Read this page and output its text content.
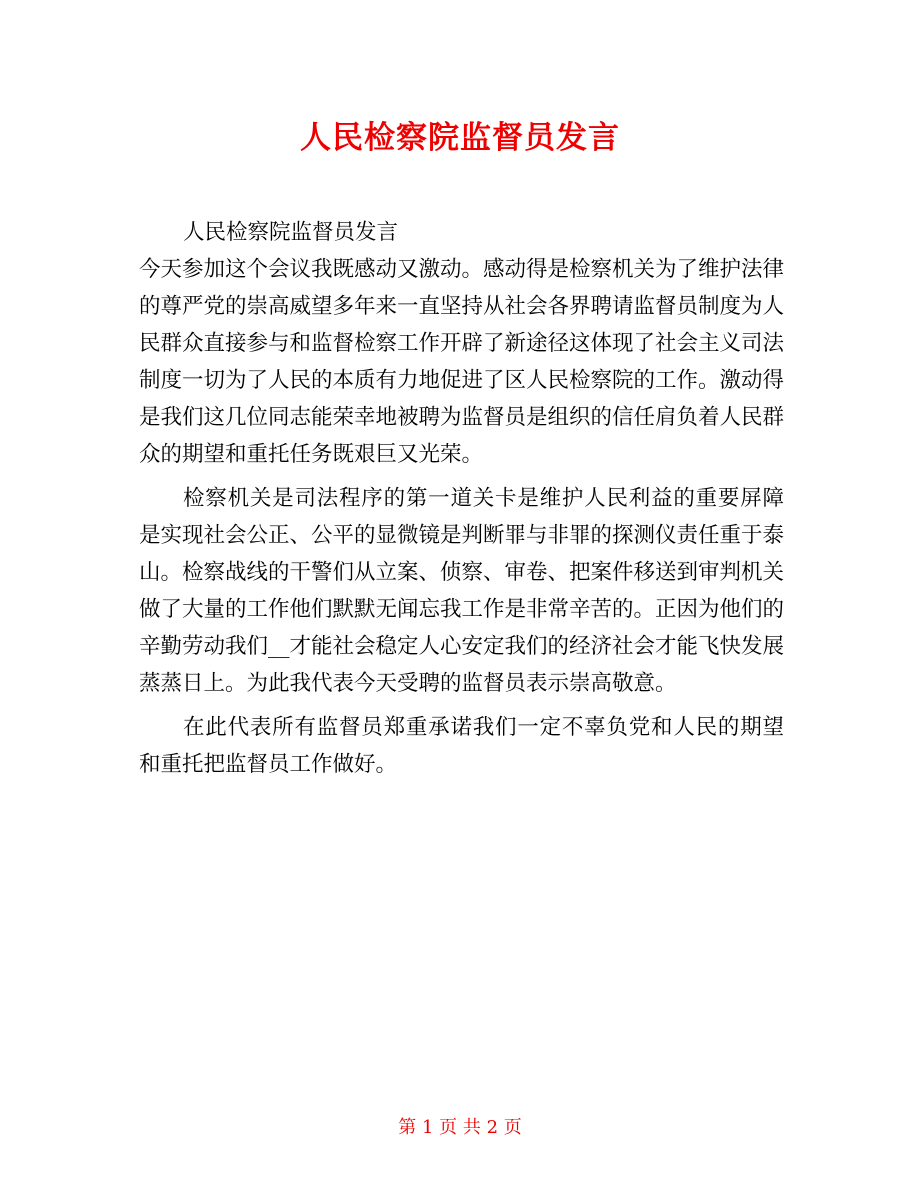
人民检察院监督员发言

人民检察院监督员发言

今天参加这个会议我既感动又激动。感动得是检察机关为了维护法律的尊严党的崇高威望多年来一直坚持从社会各界聘请监督员制度为人民群众直接参与和监督检察工作开辟了新途径这体现了社会主义司法制度一切为了人民的本质有力地促进了区人民检察院的工作。激动得是我们这几位同志能荣幸地被聘为监督员是组织的信任肩负着人民群众的期望和重托任务既艰巨又光荣。

检察机关是司法程序的第一道关卡是维护人民利益的重要屏障是实现社会公正、公平的显微镜是判断罪与非罪的探测仪责任重于泰山。检察战线的干警们从立案、侦察、审卷、把案件移送到审判机关做了大量的工作他们默默无闻忘我工作是非常辛苦的。正因为他们的辛勤劳动我们__才能社会稳定人心安定我们的经济社会才能飞快发展蒸蒸日上。为此我代表今天受聘的监督员表示崇高敬意。

在此代表所有监督员郑重承诺我们一定不辜负党和人民的期望和重托把监督员工作做好。

第 1 页 共 2 页
